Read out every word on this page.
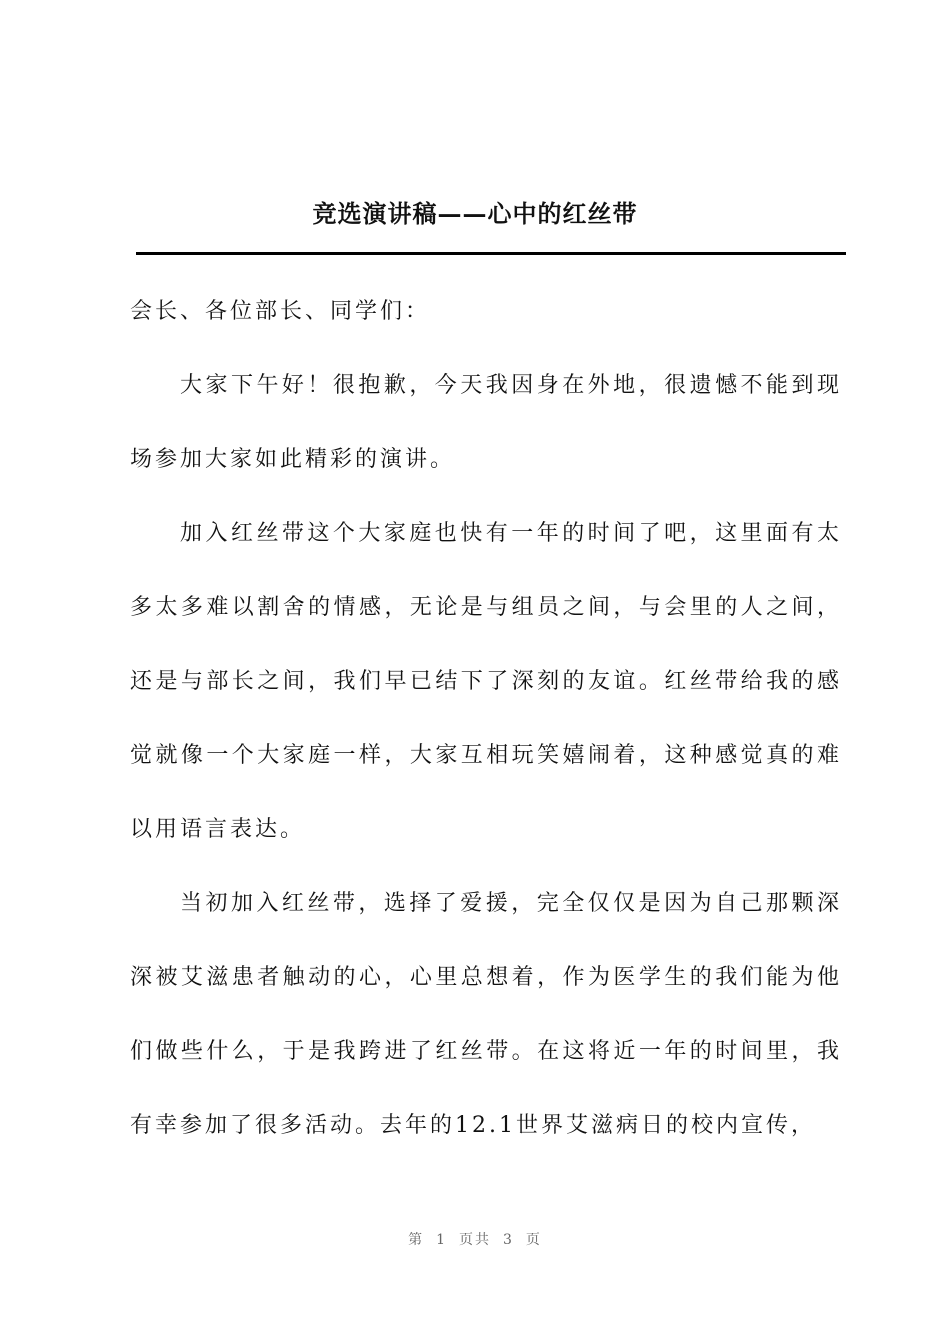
竞选演讲稿——心中的红丝带

会长、各位部长、同学们：

大家下午好！很抱歉，今天我因身在外地，很遗憾不能到现场参加大家如此精彩的演讲。

加入红丝带这个大家庭也快有一年的时间了吧，这里面有太多太多难以割舍的情感，无论是与组员之间，与会里的人之间，还是与部长之间，我们早已结下了深刻的友谊。红丝带给我的感觉就像一个大家庭一样，大家互相玩笑嬉闹着，这种感觉真的难以用语言表达。

当初加入红丝带，选择了爱援，完全仅仅是因为自己那颗深深被艾滋患者触动的心，心里总想着，作为医学生的我们能为他们做些什么，于是我跨进了红丝带。在这将近一年的时间里，我有幸参加了很多活动。去年的12.1世界艾滋病日的校内宣传，

第 1 页共 3 页
